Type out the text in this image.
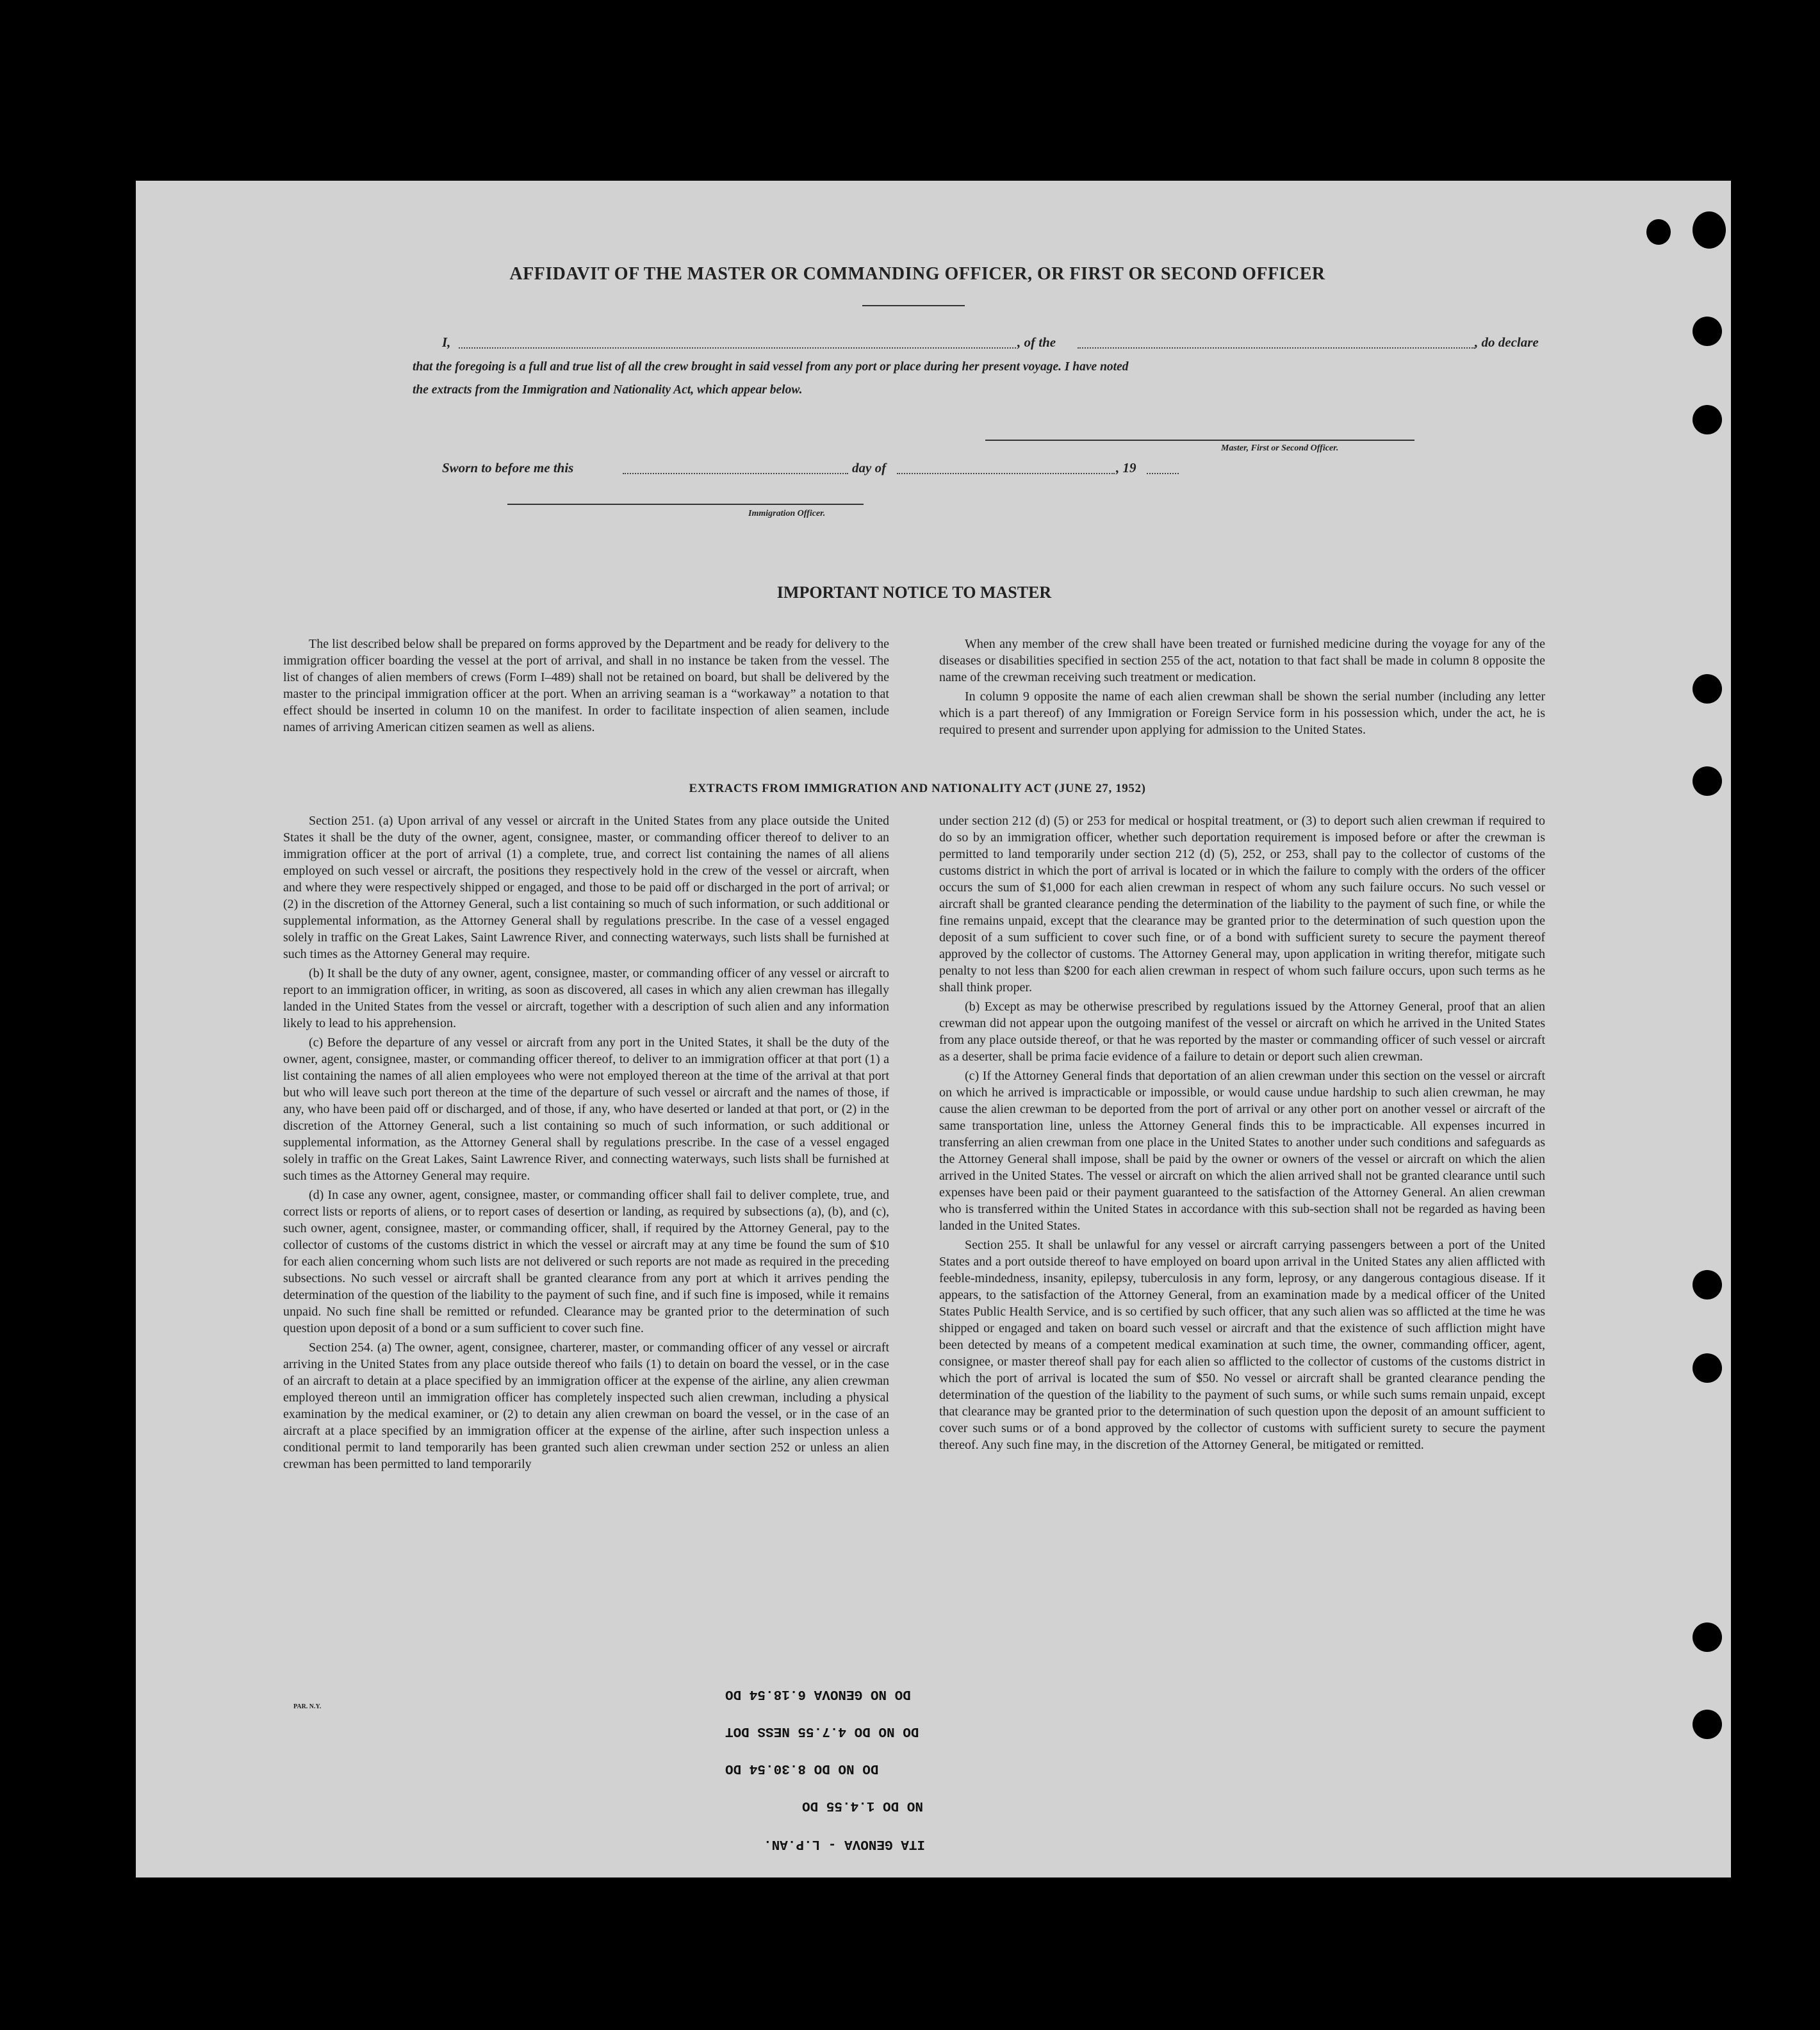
AFFIDAVIT OF THE MASTER OR COMMANDING OFFICER, OR FIRST OR SECOND OFFICER
I,	, of the	, do declare
that the foregoing is a full and true list of all the crew brought in said vessel from any port or place during her present voyage. I have noted
the extracts from the Immigration and Nationality Act, which appear below.
Master, First or Second Officer.
Sworn to before me this	day of	, 19
Immigration Officer.
IMPORTANT NOTICE TO MASTER

The list described below shall be prepared on forms approved by the Department and be ready for delivery to the immigration officer boarding the vessel at the port of arrival, and shall in no instance be taken from the vessel. The list of changes of alien members of crews (Form I–489) shall not be retained on board, but shall be delivered by the master to the principal immigration officer at the port. When an arriving seaman is a “workaway” a notation to that effect should be inserted in column 10 on the manifest. In order to facilitate inspection of alien seamen, include names of arriving American citizen seamen as well as aliens.

When any member of the crew shall have been treated or furnished medicine during the voyage for any of the diseases or disabilities specified in section 255 of the act, notation to that fact shall be made in column 8 opposite the name of the crewman receiving such treatment or medication.

In column 9 opposite the name of each alien crewman shall be shown the serial number (including any letter which is a part thereof) of any Immigration or Foreign Service form in his possession which, under the act, he is required to present and surrender upon applying for admission to the United States.

EXTRACTS FROM IMMIGRATION AND NATIONALITY ACT (JUNE 27, 1952)

Section 251. (a) Upon arrival of any vessel or aircraft in the United States from any place outside the United States it shall be the duty of the owner, agent, consignee, master, or commanding officer thereof to deliver to an immigration officer at the port of arrival (1) a complete, true, and correct list containing the names of all aliens employed on such vessel or aircraft, the positions they respectively hold in the crew of the vessel or aircraft, when and where they were respectively shipped or engaged, and those to be paid off or discharged in the port of arrival; or (2) in the discretion of the Attorney General, such a list containing so much of such information, or such additional or supplemental information, as the Attorney General shall by regulations prescribe. In the case of a vessel engaged solely in traffic on the Great Lakes, Saint Lawrence River, and connecting waterways, such lists shall be furnished at such times as the Attorney General may require.

(b) It shall be the duty of any owner, agent, consignee, master, or commanding officer of any vessel or aircraft to report to an immigration officer, in writing, as soon as discovered, all cases in which any alien crewman has illegally landed in the United States from the vessel or aircraft, together with a description of such alien and any information likely to lead to his apprehension.

(c) Before the departure of any vessel or aircraft from any port in the United States, it shall be the duty of the owner, agent, consignee, master, or commanding officer thereof, to deliver to an immigration officer at that port (1) a list containing the names of all alien employees who were not employed thereon at the time of the arrival at that port but who will leave such port thereon at the time of the departure of such vessel or aircraft and the names of those, if any, who have been paid off or discharged, and of those, if any, who have deserted or landed at that port, or (2) in the discretion of the Attorney General, such a list containing so much of such information, or such additional or supplemental information, as the Attorney General shall by regulations prescribe. In the case of a vessel engaged solely in traffic on the Great Lakes, Saint Lawrence River, and connecting waterways, such lists shall be furnished at such times as the Attorney General may require.

(d) In case any owner, agent, consignee, master, or commanding officer shall fail to deliver complete, true, and correct lists or reports of aliens, or to report cases of desertion or landing, as required by subsections (a), (b), and (c), such owner, agent, consignee, master, or commanding officer, shall, if required by the Attorney General, pay to the collector of customs of the customs district in which the vessel or aircraft may at any time be found the sum of $10 for each alien concerning whom such lists are not delivered or such reports are not made as required in the preceding subsections. No such vessel or aircraft shall be granted clearance from any port at which it arrives pending the determination of the question of the liability to the payment of such fine, and if such fine is imposed, while it remains unpaid. No such fine shall be remitted or refunded. Clearance may be granted prior to the determination of such question upon deposit of a bond or a sum sufficient to cover such fine.

Section 254. (a) The owner, agent, consignee, charterer, master, or commanding officer of any vessel or aircraft arriving in the United States from any place outside thereof who fails (1) to detain on board the vessel, or in the case of an aircraft to detain at a place specified by an immigration officer at the expense of the airline, any alien crewman employed thereon until an immigration officer has completely inspected such alien crewman, including a physical examination by the medical examiner, or (2) to detain any alien crewman on board the vessel, or in the case of an aircraft at a place specified by an immigration officer at the expense of the airline, after such inspection unless a conditional permit to land temporarily has been granted such alien crewman under section 252 or unless an alien crewman has been permitted to land temporarily

under section 212 (d) (5) or 253 for medical or hospital treatment, or (3) to deport such alien crewman if required to do so by an immigration officer, whether such deportation requirement is imposed before or after the crewman is permitted to land temporarily under section 212 (d) (5), 252, or 253, shall pay to the collector of customs of the customs district in which the port of arrival is located or in which the failure to comply with the orders of the officer occurs the sum of $1,000 for each alien crewman in respect of whom any such failure occurs. No such vessel or aircraft shall be granted clearance pending the determination of the liability to the payment of such fine, or while the fine remains unpaid, except that the clearance may be granted prior to the determination of such question upon the deposit of a sum sufficient to cover such fine, or of a bond with sufficient surety to secure the payment thereof approved by the collector of customs. The Attorney General may, upon application in writing therefor, mitigate such penalty to not less than $200 for each alien crewman in respect of whom such failure occurs, upon such terms as he shall think proper.

(b) Except as may be otherwise prescribed by regulations issued by the Attorney General, proof that an alien crewman did not appear upon the outgoing manifest of the vessel or aircraft on which he arrived in the United States from any place outside thereof, or that he was reported by the master or commanding officer of such vessel or aircraft as a deserter, shall be prima facie evidence of a failure to detain or deport such alien crewman.

(c) If the Attorney General finds that deportation of an alien crewman under this section on the vessel or aircraft on which he arrived is impracticable or impossible, or would cause undue hardship to such alien crewman, he may cause the alien crewman to be deported from the port of arrival or any other port on another vessel or aircraft of the same transportation line, unless the Attorney General finds this to be impracticable. All expenses incurred in transferring an alien crewman from one place in the United States to another under such conditions and safeguards as the Attorney General shall impose, shall be paid by the owner or owners of the vessel or aircraft on which the alien arrived in the United States. The vessel or aircraft on which the alien arrived shall not be granted clearance until such expenses have been paid or their payment guaranteed to the satisfaction of the Attorney General. An alien crewman who is transferred within the United States in accordance with this sub-section shall not be regarded as having been landed in the United States.

Section 255. It shall be unlawful for any vessel or aircraft carrying passengers between a port of the United States and a port outside thereof to have employed on board upon arrival in the United States any alien afflicted with feeble-mindedness, insanity, epilepsy, tuberculosis in any form, leprosy, or any dangerous contagious disease. If it appears, to the satisfaction of the Attorney General, from an examination made by a medical officer of the United States Public Health Service, and is so certified by such officer, that any such alien was so afflicted at the time he was shipped or engaged and taken on board such vessel or aircraft and that the existence of such affliction might have been detected by means of a competent medical examination at such time, the owner, commanding officer, agent, consignee, or master thereof shall pay for each alien so afflicted to the collector of customs of the customs district in which the port of arrival is located the sum of $50. No vessel or aircraft shall be granted clearance pending the determination of the question of the liability to the payment of such sums, or while such sums remain unpaid, except that clearance may be granted prior to the determination of such question upon the deposit of an amount sufficient to cover such sums or of a bond approved by the collector of customs with sufficient surety to secure the payment thereof. Any such fine may, in the discretion of the Attorney General, be mitigated or remitted.

PAR. N.Y.
DO NO GENOVA 6.18.54 DO
DO NO DO 4.7.55 NESS DOT
DO NO DO 8.30.54 DO
NO DO 1.4.55 DO
ITA GENOVA - L.P.AN.
